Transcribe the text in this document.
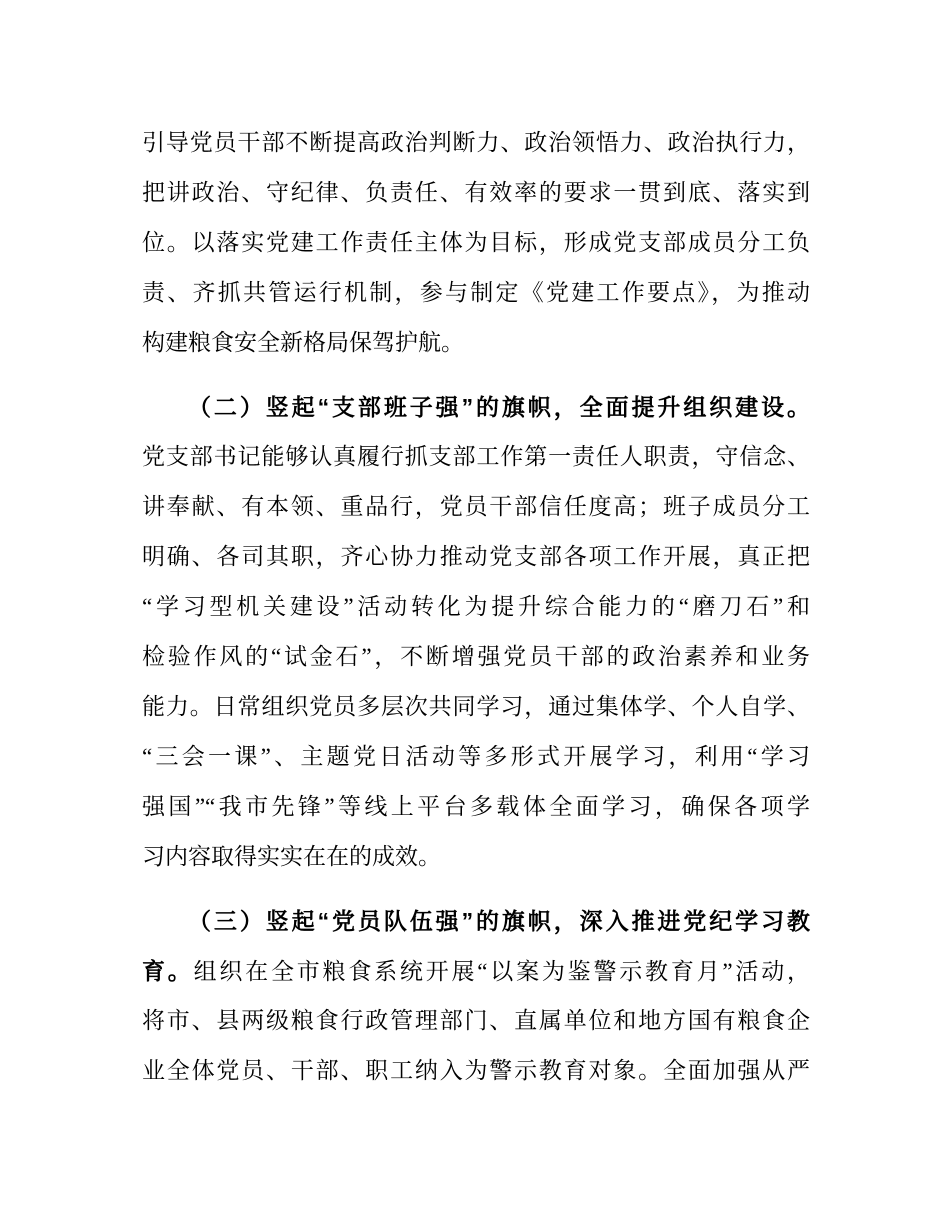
引导党员干部不断提高政治判断力、政治领悟力、政治执行力，
把讲政治、守纪律、负责任、有效率的要求一贯到底、落实到
位。以落实党建工作责任主体为目标，形成党支部成员分工负
责、齐抓共管运行机制，参与制定《党建工作要点》，为推动
构建粮食安全新格局保驾护航。
（二）竖起“支部班子强”的旗帜，全面提升组织建设。
党支部书记能够认真履行抓支部工作第一责任人职责，守信念、
讲奉献、有本领、重品行，党员干部信任度高；班子成员分工
明确、各司其职，齐心协力推动党支部各项工作开展，真正把
“学习型机关建设”活动转化为提升综合能力的“磨刀石”和
检验作风的“试金石”，不断增强党员干部的政治素养和业务
能力。日常组织党员多层次共同学习，通过集体学、个人自学、
“三会一课”、主题党日活动等多形式开展学习，利用“学习
强国”“我市先锋”等线上平台多载体全面学习，确保各项学
习内容取得实实在在的成效。
（三）竖起“党员队伍强”的旗帜，深入推进党纪学习教
育。组织在全市粮食系统开展“以案为鉴警示教育月”活动，
将市、县两级粮食行政管理部门、直属单位和地方国有粮食企
业全体党员、干部、职工纳入为警示教育对象。全面加强从严
